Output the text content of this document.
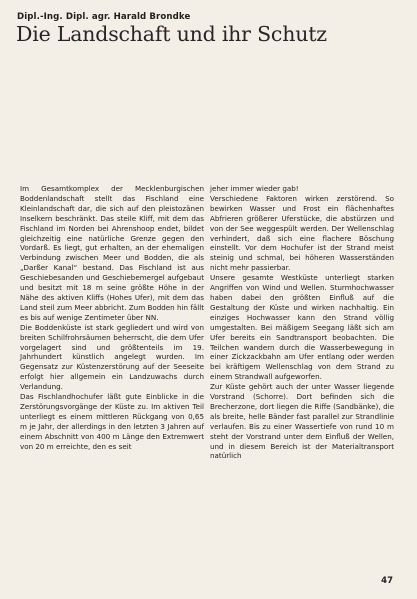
Dipl.-Ing. Dipl. agr. Harald Brondke
Die Landschaft und ihr Schutz

Im Gesamtkomplex der Mecklenburgischen Boddenlandschaft stellt das Fischland eine Kleinlandschaft dar, die sich auf den pleistozänen Inselkern beschränkt. Das steile Kliff, mit dem das Fischland im Norden bei Ahrenshoop endet, bildet gleichzeitig eine natürliche Grenze gegen den Vordarß. Es liegt, gut erhalten, an der ehemaligen Verbindung zwischen Meer und Bodden, die als „Darßer Kanal“ bestand. Das Fischland ist aus Geschiebesanden und Geschiebemergel aufgebaut und besitzt mit 18 m seine größte Höhe in der Nähe des aktiven Kliffs (Hohes Ufer), mit dem das Land steil zum Meer abbricht. Zum Bodden hin fällt es bis auf wenige Zentimeter über NN.

Die Boddenküste ist stark gegliedert und wird von breiten Schilfrohrsäumen beherrscht, die dem Ufer vorgelagert sind und größtenteils im 19. Jahrhundert künstlich angelegt wurden. Im Gegensatz zur Küstenzerstörung auf der Seeseite erfolgt hier allgemein ein Landzuwachs durch Verlandung.

Das Fischlandhochufer läßt gute Einblicke in die Zerstörungsvorgänge der Küste zu. Im aktiven Teil unterliegt es einem mittleren Rückgang von 0,65 m je Jahr, der allerdings in den letzten 3 Jahren auf einem Abschnitt von 400 m Länge den Extremwert von 20 m erreichte, den es seit

jeher immer wieder gab!

Verschiedene Faktoren wirken zerstörend. So bewirken Wasser und Frost ein flächenhaftes Abfrieren größerer Uferstücke, die abstürzen und von der See weggespült werden. Der Wellenschlag verhindert, daß sich eine flachere Böschung einstellt. Vor dem Hochufer ist der Strand meist steinig und schmal, bei höheren Wasserständen nicht mehr passierbar.

Unsere gesamte Westküste unterliegt starken Angriffen von Wind und Wellen. Sturmhochwasser haben dabei den größten Einfluß auf die Gestaltung der Küste und wirken nachhaltig. Ein einziges Hochwasser kann den Strand völlig umgestalten. Bei mäßigem Seegang läßt sich am Ufer bereits ein Sandtransport beobachten. Die Teilchen wandern durch die Wasserbewegung in einer Zickzackbahn am Ufer entlang oder werden bei kräftigem Wellenschlag von dem Strand zu einem Strandwall aufgeworfen.

Zur Küste gehört auch der unter Wasser liegende Vorstrand (Schorre). Dort befinden sich die Brecherzone, dort liegen die Riffe (Sandbänke), die als breite, helle Bänder fast parallel zur Strandlinie verlaufen. Bis zu einer Wassertiefe von rund 10 m steht der Vorstrand unter dem Einfluß der Wellen, und in diesem Bereich ist der Materialtransport natürlich

47
